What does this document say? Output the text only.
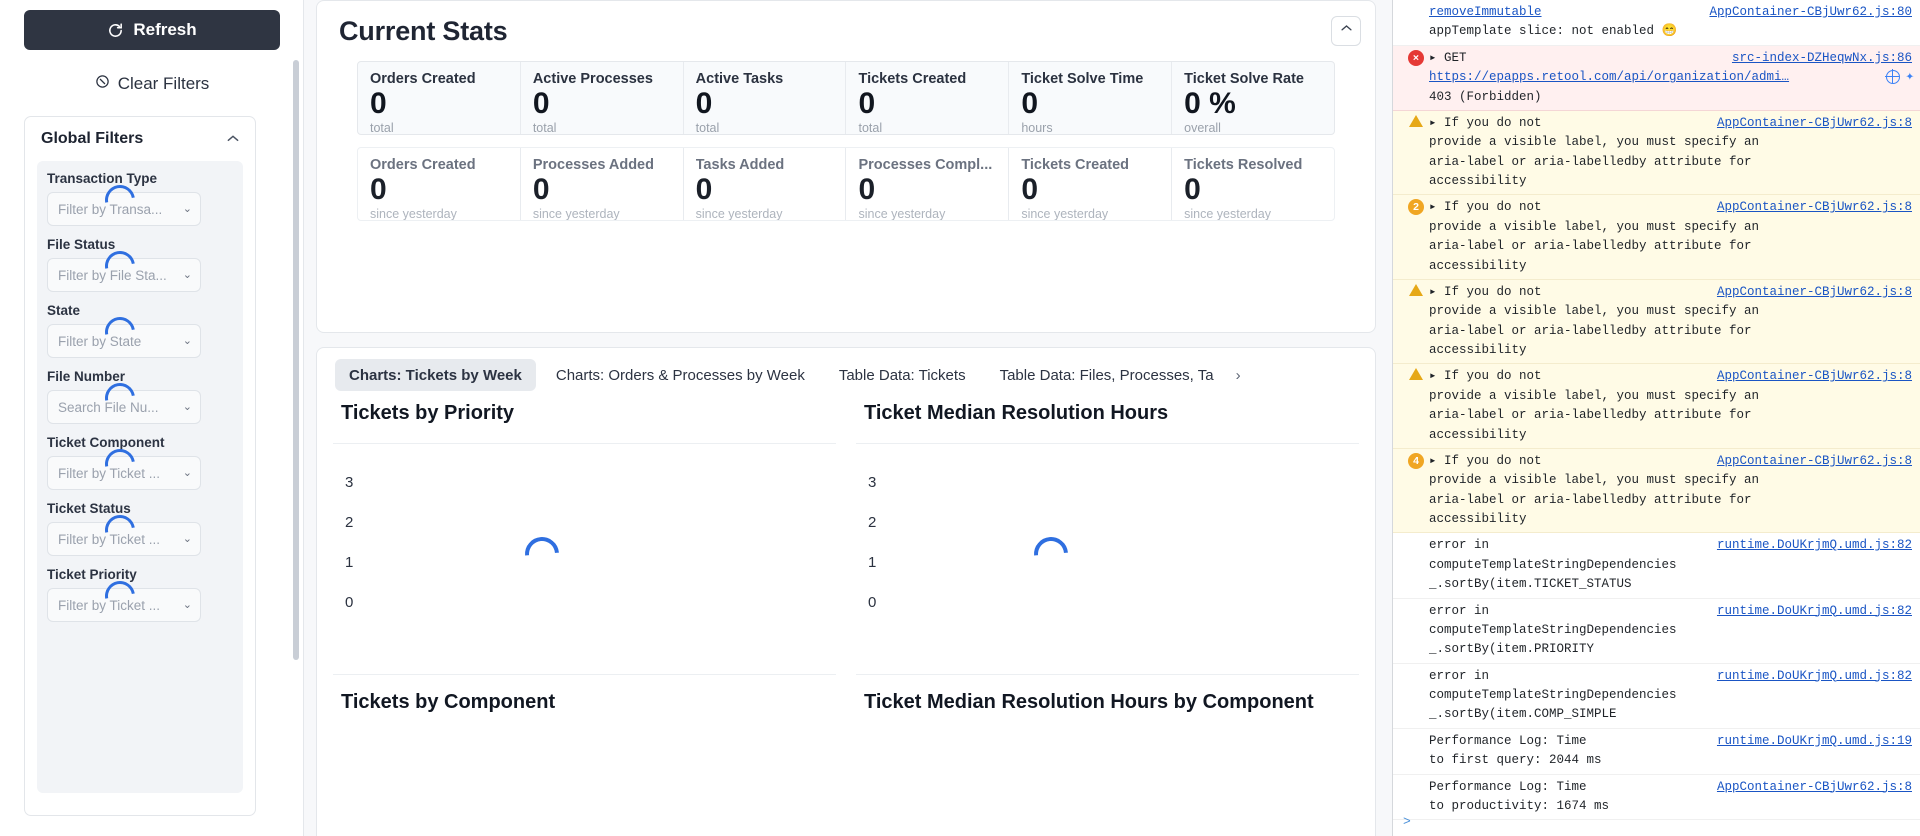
Refresh
Clear Filters
Global Filters
Transaction Type
Filter by Transa... ⌄
File Status
Filter by File Sta... ⌄
State
Filter by State	⌄
File Number
Search File Nu... ⌄
Ticket Component
Filter by Ticket ... ⌄
Ticket Status
Filter by Ticket ... ⌄
Ticket Priority
Filter by Ticket ... ⌄
Current Stats
Orders Created
0
total
Active Processes
0
total
Active Tasks
0
total
Tickets Created
0
total
Ticket Solve Time
0
hours
Ticket Solve Rate
0 %
overall
Orders Created
0
since yesterday
Processes Added
0
since yesterday
Tasks Added
0
since yesterday
Processes Compl...
0
since yesterday
Tickets Created
0
since yesterday
Tickets Resolved
0
since yesterday
Charts: Tickets by Week	Charts: Orders & Processes by Week	Table Data: Tickets	Table Data: Files, Processes, Ta	›
Tickets by Priority
3
2
1
0
Ticket Median Resolution Hours
3
2
1
0
Tickets by Component	Ticket Median Resolution Hours by Component
removeImmutable
appTemplate slice: not enabled 😁
AppContainer-CBjUwr62.js:80
× ▸ GET
https://epapps.retool.com/api/organization/admi…
403 (Forbidden)
src-index-DZHeqwNx.js:86
✦
▸ If you do not
provide a visible label, you must specify an
aria-label or aria-labelledby attribute for
accessibility
AppContainer-CBjUwr62.js:8
2 ▸ If you do not
provide a visible label, you must specify an
aria-label or aria-labelledby attribute for
accessibility
AppContainer-CBjUwr62.js:8
▸ If you do not
provide a visible label, you must specify an
aria-label or aria-labelledby attribute for
accessibility
AppContainer-CBjUwr62.js:8
▸ If you do not
provide a visible label, you must specify an
aria-label or aria-labelledby attribute for
accessibility
AppContainer-CBjUwr62.js:8
4 ▸ If you do not
provide a visible label, you must specify an
aria-label or aria-labelledby attribute for
accessibility
AppContainer-CBjUwr62.js:8
error in
computeTemplateStringDependencies
_.sortBy(item.TICKET_STATUS
runtime.DoUKrjmQ.umd.js:82
error in
computeTemplateStringDependencies
_.sortBy(item.PRIORITY
runtime.DoUKrjmQ.umd.js:82
error in
computeTemplateStringDependencies
_.sortBy(item.COMP_SIMPLE
runtime.DoUKrjmQ.umd.js:82
Performance Log: Time
to first query: 2044 ms
runtime.DoUKrjmQ.umd.js:19
Performance Log: Time
to productivity: 1674 ms
AppContainer-CBjUwr62.js:8
>
